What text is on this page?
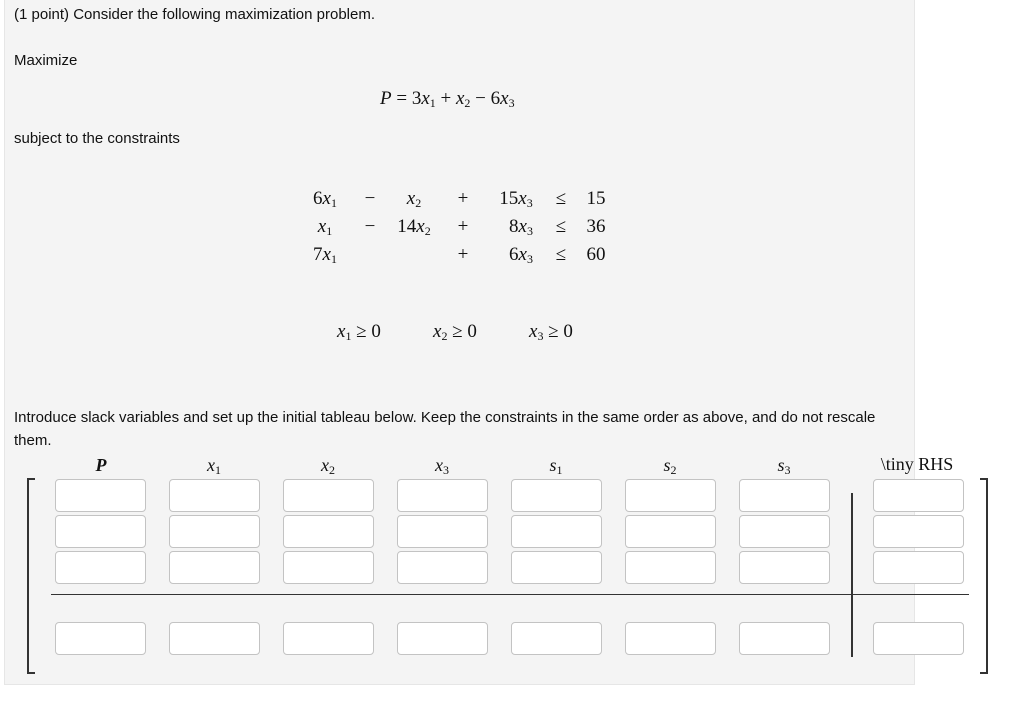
(1 point) Consider the following maximization problem.
Maximize
$P = 3x_1 + x_2 - 6x_3$
subject to the constraints
$6x_1 - x_2 + 15x_3 \le 15$
$x_1 - 14x_2 + 8x_3 \le 36$
$7x_1$	+ $6x_3 \le 60$
$x_1 \ge 0$	$x_2 \ge 0$	$x_3 \ge 0$
Introduce slack variables and set up the initial tableau below. Keep the constraints in the same order as above, and do not rescale them.
P	$x_1$	$x_2$	$x_3$	$s_1$	$s_2$	$s_3$	\tiny RHS
